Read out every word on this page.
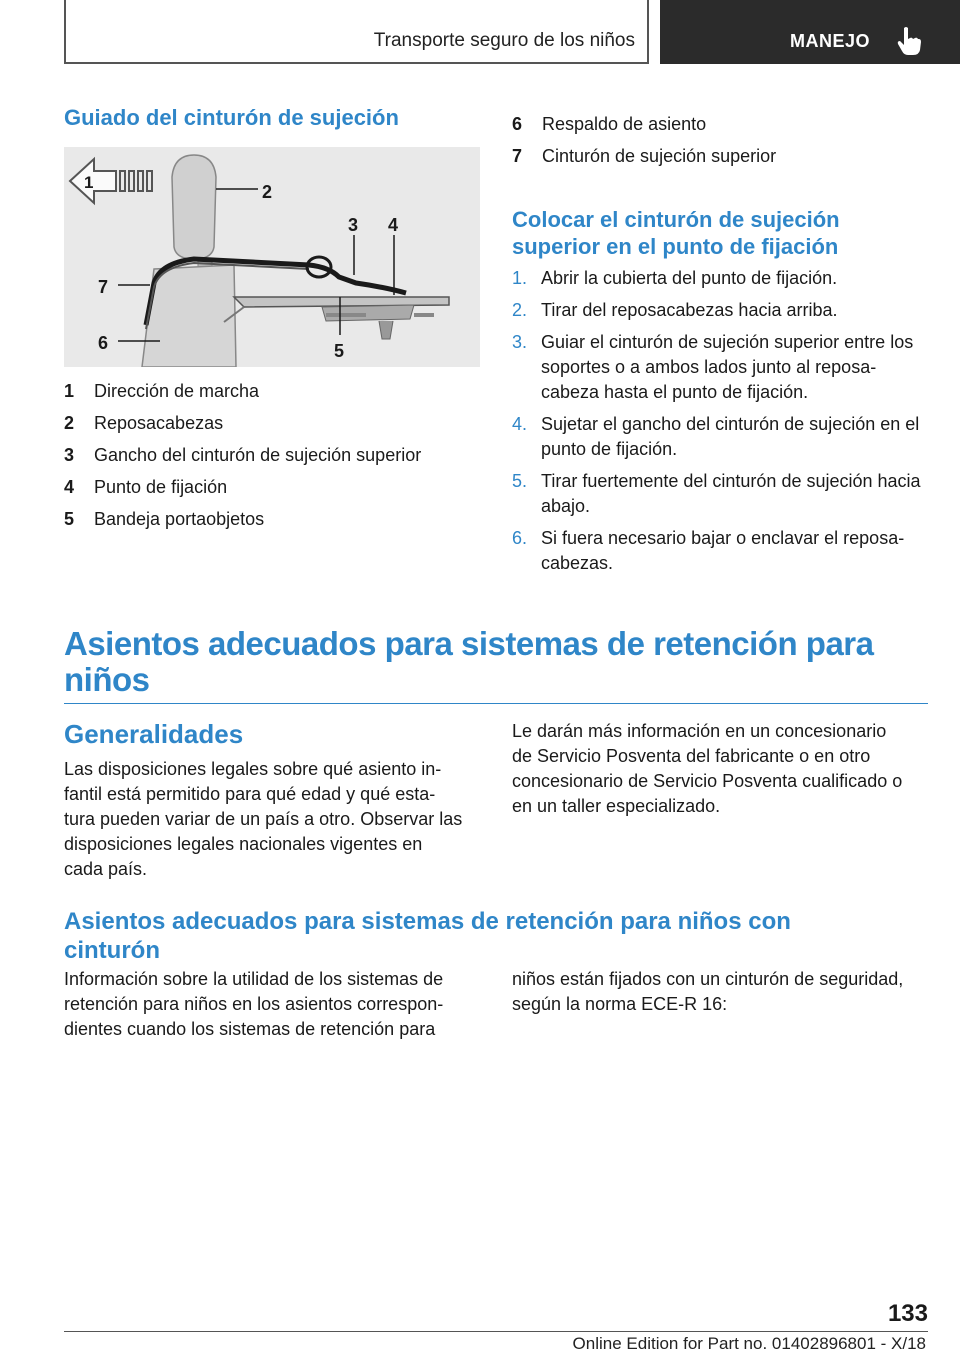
Transporte seguro de los niños	MANEJO
Guiado del cinturón de sujeción
1	2
3 4
5
6
7
1	Dirección de marcha
2	Reposacabezas
3	Gancho del cinturón de sujeción superior
4	Punto de fijación
5	Bandeja portaobjetos
6	Respaldo de asiento
7	Cinturón de sujeción superior
Colocar el cinturón de sujeción
superior en el punto de fijación
1. Abrir la cubierta del punto de fijación.
2. Tirar del reposacabezas hacia arriba.
3. Guiar el cinturón de sujeción superior entre los soportes o a ambos lados junto al reposa‐cabeza hasta el punto de fijación.
4. Sujetar el gancho del cinturón de sujeción en el punto de fijación.
5. Tirar fuertemente del cinturón de sujeción hacia abajo.
6. Si fuera necesario bajar o enclavar el reposa‐cabezas.
Asientos adecuados para sistemas de retención para
niños
Generalidades
Las disposiciones legales sobre qué asiento in‐
fantil está permitido para qué edad y qué esta‐
tura pueden variar de un país a otro. Observar las
disposiciones legales nacionales vigentes en
cada país.
Le darán más información en un concesionario
de Servicio Posventa del fabricante o en otro
concesionario de Servicio Posventa cualificado o
en un taller especializado.
Asientos adecuados para sistemas de retención para niños con
cinturón
Información sobre la utilidad de los sistemas de
retención para niños en los asientos correspon‐
dientes cuando los sistemas de retención para
niños están fijados con un cinturón de seguridad,
según la norma ECE-R 16:
133
Online Edition for Part no. 01402896801 - X/18
